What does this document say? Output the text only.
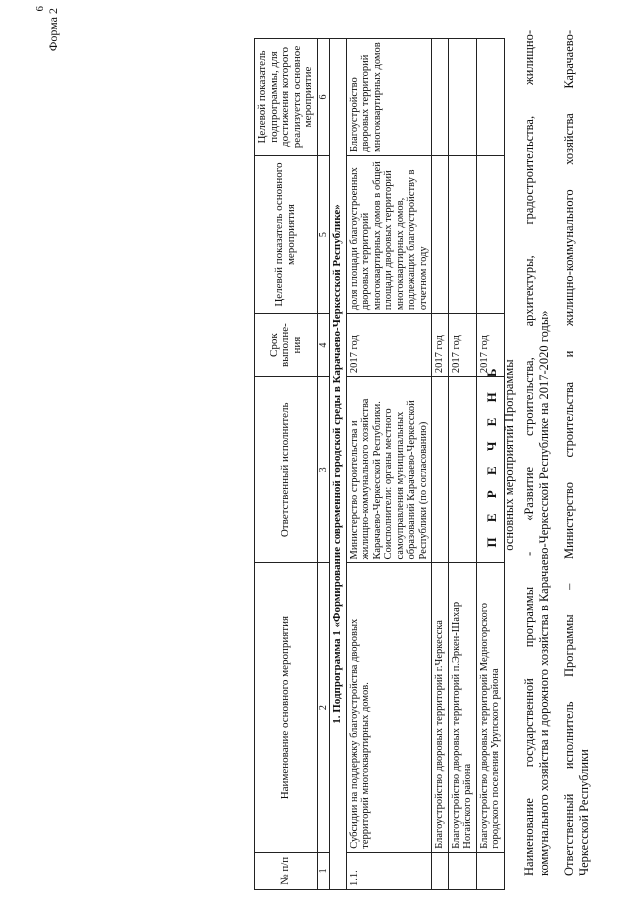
6 Форма 2
№ п/п	Наименование основного мероприятия	Ответственный исполнитель	Срок выполне-ния	Целевой показатель основного мероприятия	Целевой показатель подпрограммы, для достижения которого реализуется основное мероприятие
1	2	3	4	5	6
1. Подпрограмма 1 «Формирование современной городской среды в Карачаево-Черкесской Республике»					
1.1.	Субсидии на поддержку благоустройства дворовых территорий многоквартирных домов.	Министерство строительства и жилищно-коммунального хозяйства Карачаево-Черкесской Республики. Соисполнители: органы местного самоуправления муниципальных образований Карачаево-Черкесской Республики (по согласованию)	2017 год	доля площади благоустроенных дворовых территорий многоквартирных домов в общей площади дворовых территорий многоквартирных домов, подлежащих благоустройству в отчетном году	Благоустройство дворовых территорий многоквартирных домов
	Благоустройство дворовых территорий г.Черкесска		2017 год		
	Благоустройство дворовых территорий п.Эркен-Шахар Ногайского района		2017 год		
	Благоустройство дворовых территорий Медногорского городского поселения Урупского района		2017 год		
П Е Р Е Ч Е Н Ь основных мероприятий Программы Наименование государственной программы - «Развитие строительства, архитектуры, градостроительства, жилищно- коммунального хозяйства и дорожного хозяйства в Карачаево-Черкесской Республике на 2017-2020 годы» Ответственный исполнитель Программы – Министерство строительства и жилищно-коммунального хозяйства Карачаево- Черкесской Республики
